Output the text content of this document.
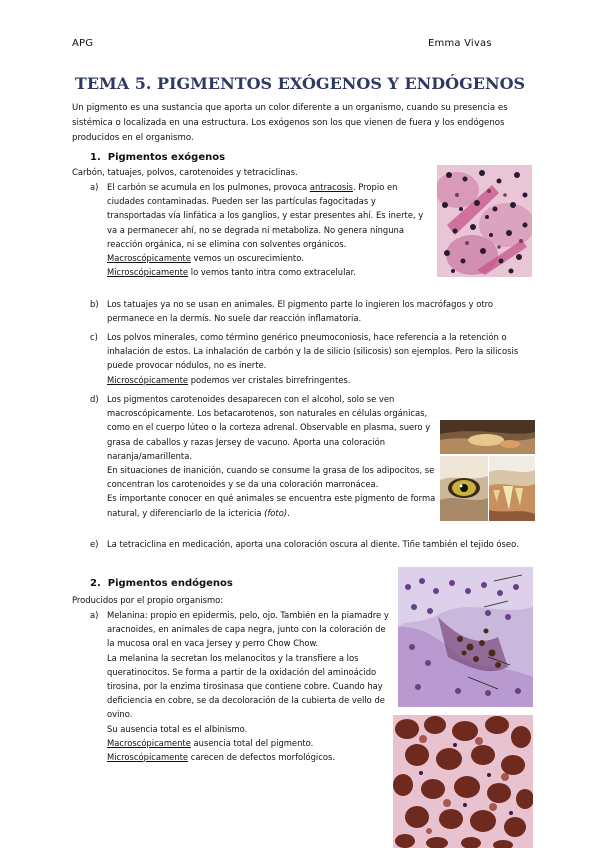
APG	Emma Vivas
TEMA 5. PIGMENTOS EXÓGENOS Y ENDÓGENOS
Un pigmento es una sustancia que aporta un color diferente a un organismo, cuando su presencia es sistémica o localizada en una estructura. Los exógenos son los que vienen de fuera y los endógenos producidos en el organismo.
1. Pigmentos exógenos
Carbón, tatuajes, polvos, carotenoides y tetraciclinas.
a) El carbón se acumula en los pulmones, provoca antracosis. Propio en ciudades contaminadas. Pueden ser las partículas fagocitadas y transportadas vía linfática a los ganglios, y estar presentes ahí. Es inerte, y va a permanecer ahí, no se degrada ni metaboliza. No genera ninguna reacción orgánica, ni se elimina con solventes orgánicos.
Macroscópicamente vemos un oscurecimiento.
Microscópicamente lo vemos tanto intra como extracelular.
b) Los tatuajes ya no se usan en animales. El pigmento parte lo ingieren los macrófagos y otro permanece en la dermis. No suele dar reacción inflamatoria.
c) Los polvos minerales, como término genérico pneumoconiosis, hace referencia a la retención o inhalación de estos. La inhalación de carbón y la de silicio (silicosis) son ejemplos. Pero la silicosis puede provocar nódulos, no es inerte.
Microscópicamente podemos ver cristales birrefringentes.
d) Los pigmentos carotenoides desaparecen con el alcohol, solo se ven macroscópicamente. Los betacarotenos, son naturales en células orgánicas, como en el cuerpo lúteo o la corteza adrenal. Observable en plasma, suero y grasa de caballos y razas Jersey de vacuno. Aporta una coloración naranja/amarillenta.
En situaciones de inanición, cuando se consume la grasa de los adipocitos, se concentran los carotenoides y se da una coloración marronácea.
Es importante conocer en qué animales se encuentra este pigmento de forma natural, y diferenciarlo de la ictericia (foto).
e) La tetraciclina en medicación, aporta una coloración oscura al diente. Tiñe también el tejido óseo.
2. Pigmentos endógenos
Producidos por el propio organismo:
a) Melanina: propio en epidermis, pelo, ojo. También en la piamadre y aracnoides, en animales de capa negra, junto con la coloración de la mucosa oral en vaca Jersey y perro Chow Chow.
La melanina la secretan los melanocitos y la transfiere a los queratinocitos. Se forma a partir de la oxidación del aminoácido tirosina, por la enzima tirosinasa que contiene cobre. Cuando hay deficiencia en cobre, se da decoloración de la cubierta de vello de ovino.
Su ausencia total es el albinismo.
Macroscópicamente ausencia total del pigmento.
Microscópicamente carecen de defectos morfológicos.
